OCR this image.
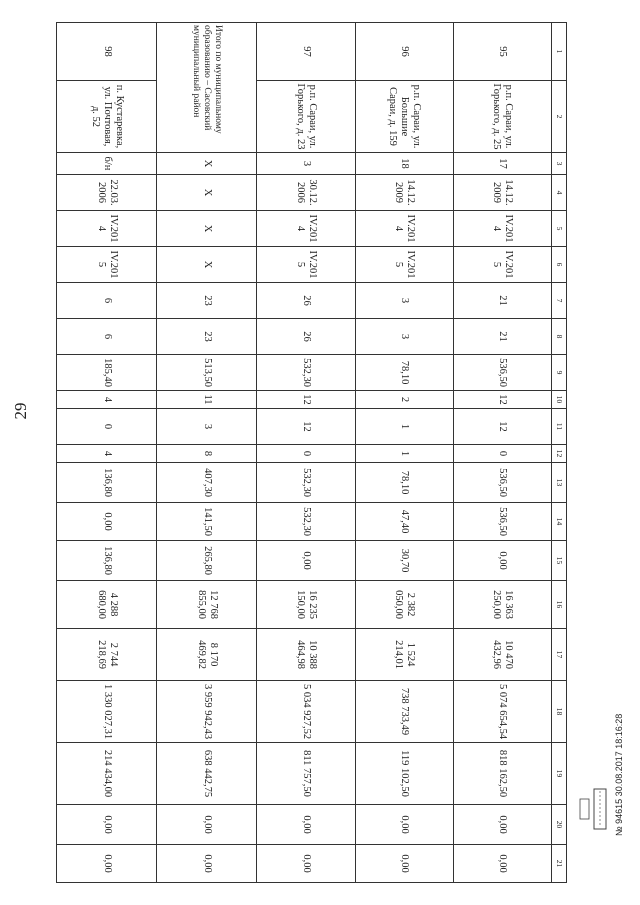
29
1	2	3	4	5	6	7	8	9	10	11	12	13	14	15	16	17	18	19	20	21
95	р.п. Сараи, ул. Горького, д. 25	17	14.12.2009	IV.2014	IV.2015	21	21	536,50	12	12	0	536,50	536,50	0,00	16 363 250,00	10 470 432,96	5 074 654,54	818 162,50	0,00	0,00
96	р.п. Сараи, ул. Большие Сараи, д. 159	18	14.12.2009	IV.2014	IV.2015	3	3	78,10	2	1	1	78,10	47,40	30,70	2 382 050,00	1 524 214,01	738 733,49	119 102,50	0,00	0,00
97	р.п. Сараи, ул. Горького, д. 23	3	30.12.2006	IV.2014	IV.2015	26	26	532,30	12	12	0	532,30	532,30	0,00	16 235 150,00	10 388 464,98	5 034 927,52	811 757,50	0,00	0,00
Итого по муниципальному образованию – Сасовский муниципальный район		Х	Х	Х	Х	23	23	513,50	11	3	8	407,30	141,50	265,80	12 768 855,00	8 170 469,82	3 959 942,43	638 442,75	0,00	0,00
98	п. Кустаревка, ул. Почтовая, д. 52	б/н	22.03.2006	IV.2014	IV.2015	6	6	185,40	4	0	4	136,80	0,00	136,80	4 288 680,00	2 744 218,69	1 330 027,31	214 434,00	0,00	0,00
№ 94615 30.08.2017 18:16:28
